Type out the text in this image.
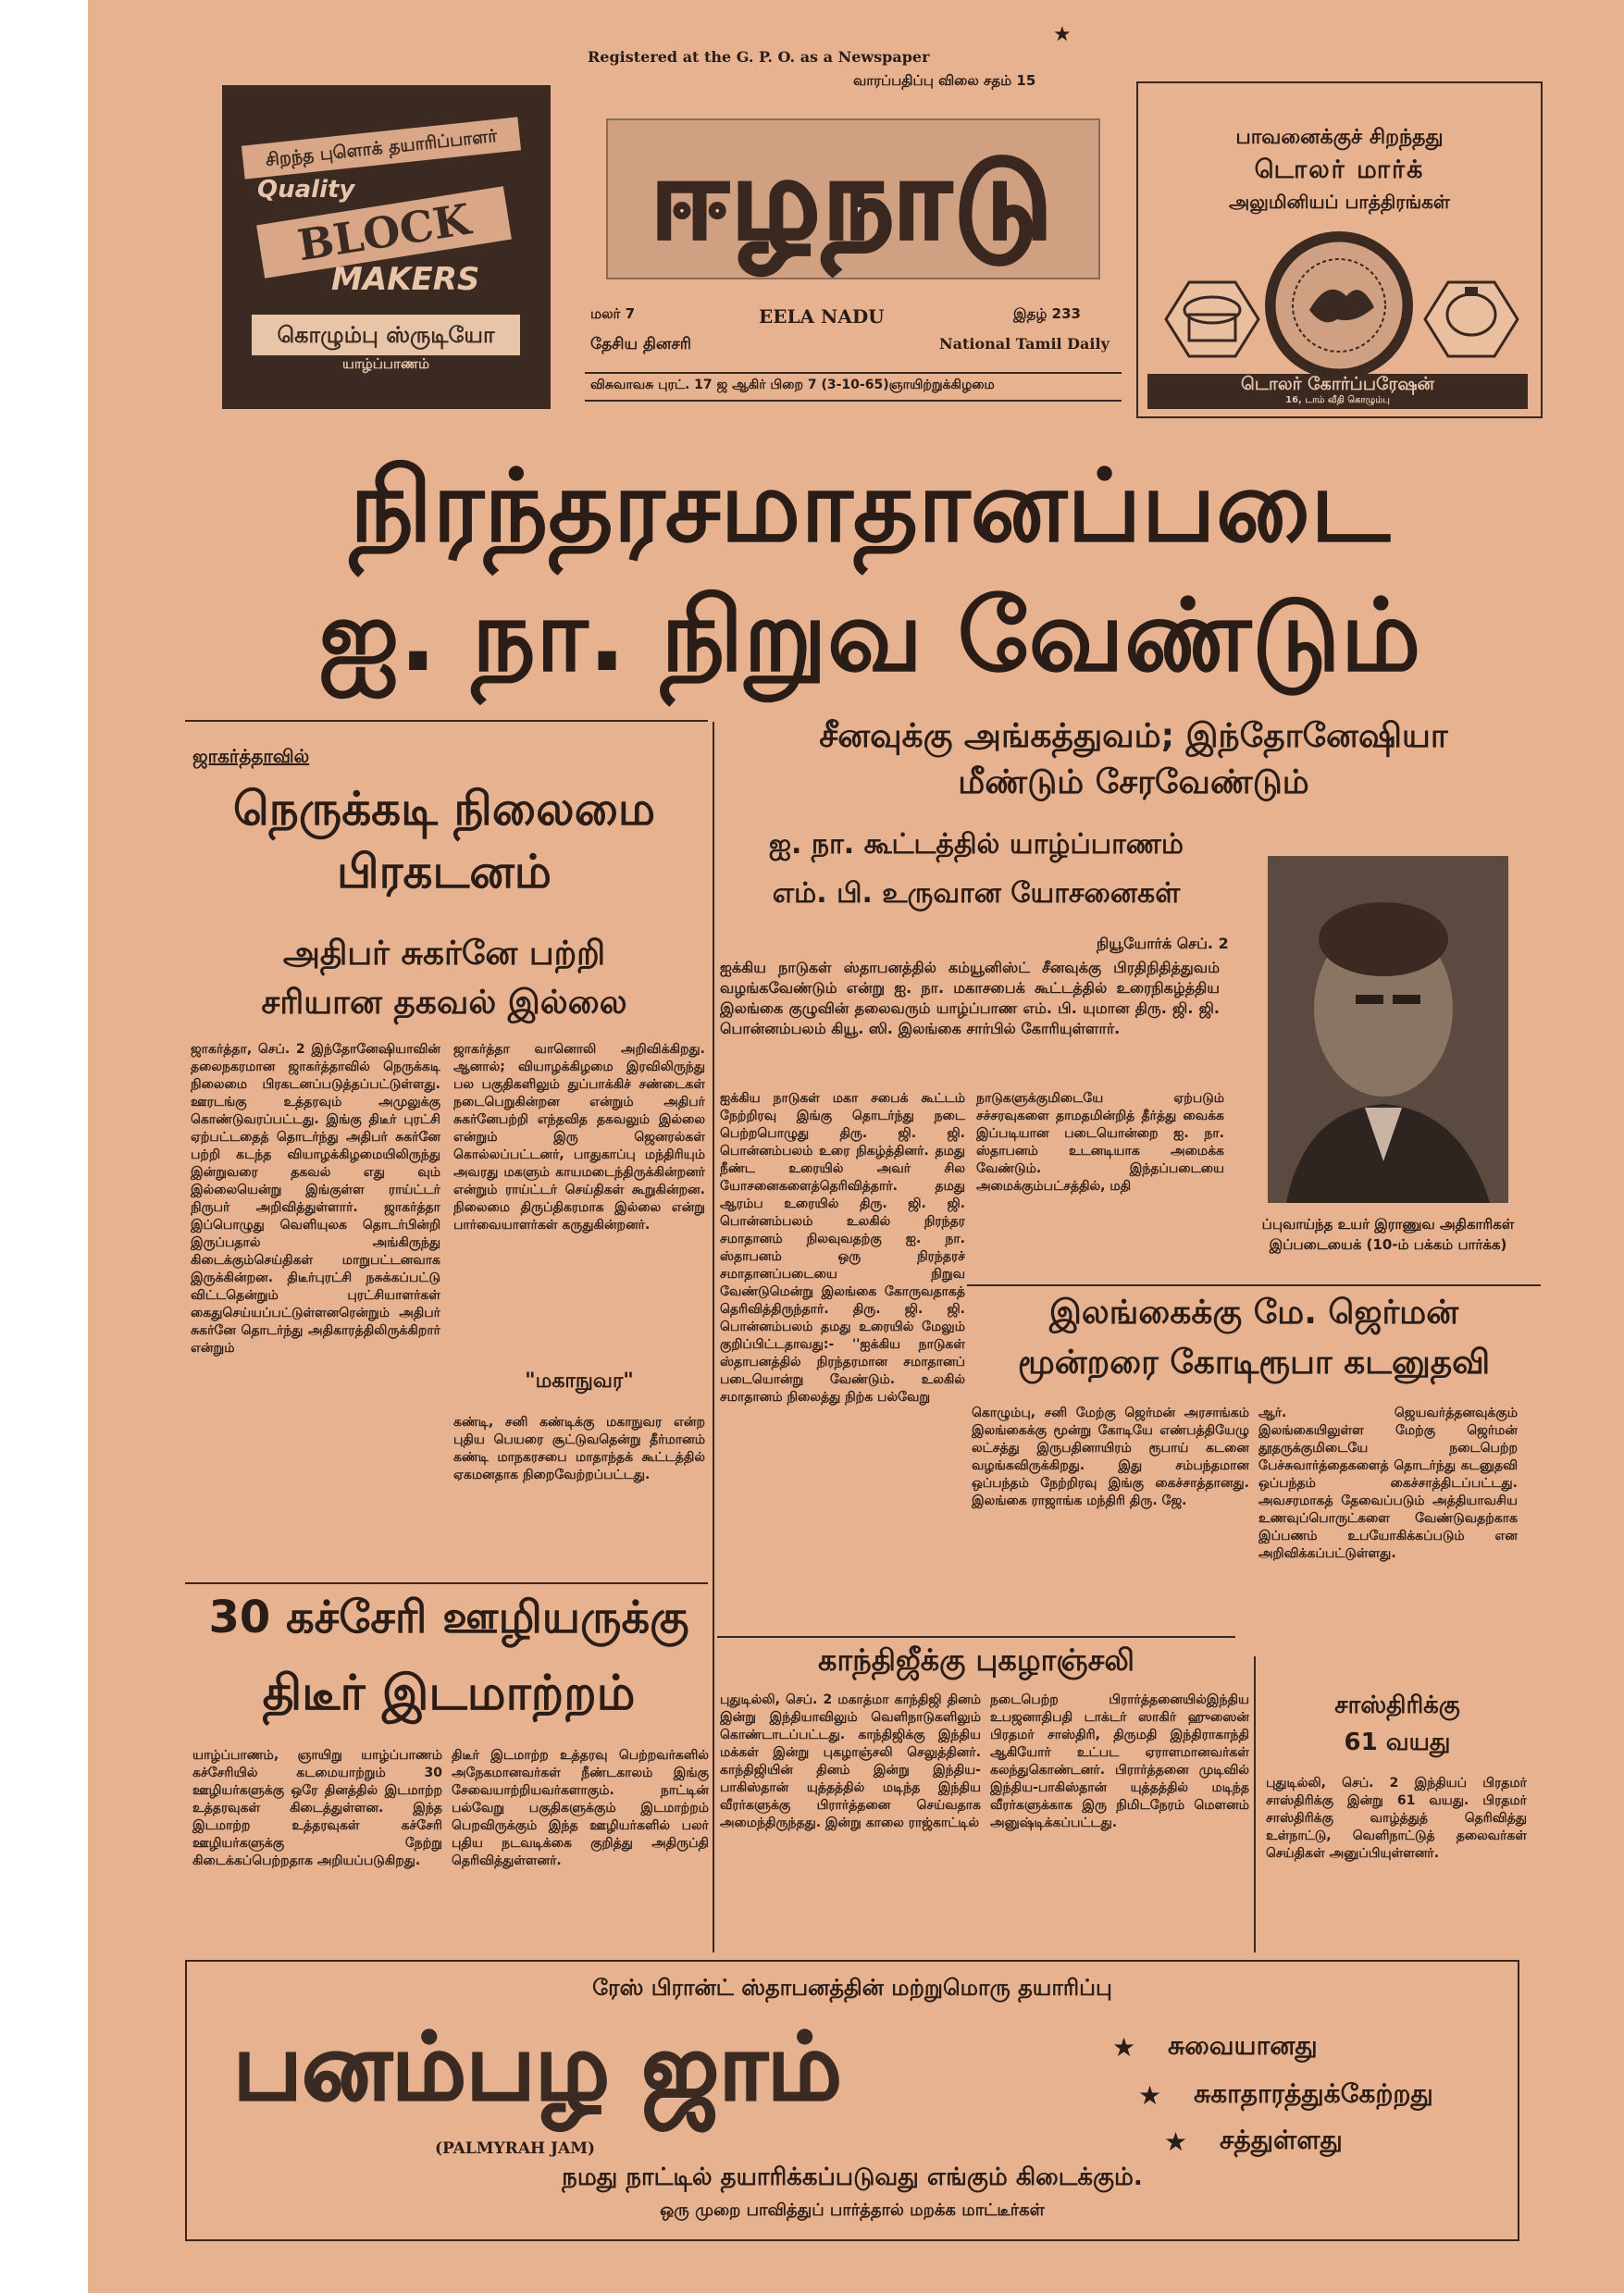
Registered at the G. P. O. as a Newspaper
★
வாரப்பதிப்பு விலை சதம் 15
சிறந்த புளொக் தயாரிப்பாளர்
Quality
BLOCK
MAKERS
கொழும்பு ஸ்ருடியோ
யாழ்ப்பாணம்
ஈழநாடு
மலர் 7	EELA NADU	இதழ் 233
தேசிய தினசரி	National Tamil Daily
விசுவாவசு புரட். 17 ஜ ஆகிர் பிறை 7 (3-10-65)ஞாயிற்றுக்கிழமை
பாவனைக்குச் சிறந்தது
டொலர் மார்க்
அலுமினியப் பாத்திரங்கள்
டொலர் கோர்ப்பரேஷன்
16, டாம் வீதி கொழும்பு
நிரந்தரசமாதானப்படை
ஐ. நா. நிறுவ வேண்டும்
சீனவுக்கு அங்கத்துவம்; இந்தோனேஷியா
மீண்டும் சேரவேண்டும்
ஜாகர்த்தாவில்
நெருக்கடி நிலைமை
பிரகடனம்
அதிபர் சுகர்னே பற்றி
சரியான தகவல் இல்லை
ஜாகர்த்தா, செப். 2 இந்தோனேஷியாவின் தலைநகரமான ஜாகர்த்தாவில் நெருக்கடி நிலைமை பிரகடனப்படுத்தப்பட்டுள்ளது. ஊரடங்கு உத்தரவும் அமுலுக்கு கொண்டுவரப்பட்டது. இங்கு திடீர் புரட்சி ஏற்பட்டதைத் தொடர்ந்து அதிபர் சுகர்னே பற்றி கடந்த வியாழக்கிழமையிலிருந்து இன்றுவரை தகவல் எது வும் இல்லையென்று இங்குள்ள ராய்ட்டர் நிருபர் அறிவித்துள்ளார். ஜாகர்த்தா இப்பொழுது வெளியுலக தொடர்பின்றி இருப்பதால் அங்கிருந்து கிடைக்கும்செய்திகள் மாறுபட்டனவாக இருக்கின்றன. திடீர்புரட்சி நசுக்கப்பட்டு விட்டதென்றும் புரட்சியாளர்கள் கைதுசெய்யப்பட்டுள்ளனரென்றும் அதிபர் சுகர்னே தொடர்ந்து அதிகாரத்திலிருக்கிறார் என்றும்
ஜாகர்த்தா வானொலி அறிவிக்கிறது. ஆனால்; வியாழக்கிழமை இரவிலிருந்து பல பகுதிகளிலும் துப்பாக்கிச் சண்டைகள் நடைபெறுகின்றன என்றும் அதிபர் சுகர்னேபற்றி எந்தவித தகவலும் இல்லை என்றும் இரு ஜெனரல்கள் கொல்லப்பட்டனர், பாதுகாப்பு மந்திரியும் அவரது மகளும் காயமடைந்திருக்கின்றனர் என்றும் ராய்ட்டர் செய்திகள் கூறுகின்றன. நிலைமை திருப்திகரமாக இல்லை என்று பார்வையாளர்கள் கருதுகின்றனர்.
"மகாநுவர"
கண்டி, சனி கண்டிக்கு மகாநுவர என்ற புதிய பெயரை சூட்டுவதென்று தீர்மானம் கண்டி மாநகரசபை மாதாந்தக் கூட்டத்தில் ஏகமனதாக நிறைவேற்றப்பட்டது.
ஐ. நா. கூட்டத்தில் யாழ்ப்பாணம்
எம். பி. உருவான யோசனைகள்
நியூயோர்க் செப். 2
ஐக்கிய நாடுகள் ஸ்தாபனத்தில் கம்யூனிஸ்ட் சீனவுக்கு பிரதிநிதித்துவம் வழங்கவேண்டும் என்று ஐ. நா. மகாசபைக் கூட்டத்தில் உரைநிகழ்த்திய இலங்கை குழுவின் தலைவரும் யாழ்ப்பாண எம். பி. யுமான திரு. ஜி. ஜி. பொன்னம்பலம் கியூ. ஸி. இலங்கை சார்பில் கோரியுள்ளார்.
ஐக்கிய நாடுகள் மகா சபைக் கூட்டம் நேற்றிரவு இங்கு தொடர்ந்து நடை பெற்றபொழுது திரு. ஜி. ஜி. பொன்னம்பலம் உரை நிகழ்த்தினர். தமது நீண்ட உரையில் அவர் சில யோசனைகளைத்தெரிவித்தார். தமது ஆரம்ப உரையில் திரு. ஜி. ஜி. பொன்னம்பலம் உலகில் நிரந்தர சமாதானம் நிலவுவதற்கு ஐ. நா. ஸ்தாபனம் ஒரு நிரந்தரச் சமாதானப்படையை நிறுவ வேண்டுமென்று இலங்கை கோருவதாகத் தெரிவித்திருந்தார். திரு. ஜி. ஜி. பொன்னம்பலம் தமது உரையில் மேலும் குறிப்பிட்டதாவது:- ''ஐக்கிய நாடுகள் ஸ்தாபனத்தில் நிரந்தரமான சமாதானப் படையொன்று வேண்டும். உலகில் சமாதானம் நிலைத்து நிற்க பல்வேறு
நாடுகளுக்குமிடையே ஏற்படும் சச்சரவுகளை தாமதமின்றித் தீர்த்து வைக்க இப்படியான படையொன்றை ஐ. நா. ஸ்தாபனம் உடனடியாக அமைக்க வேண்டும். இந்தப்படையை அமைக்கும்பட்சத்தில், மதி
ப்புவாய்ந்த உயர் இராணுவ அதிகாரிகள் இப்படையைக் (10-ம் பக்கம் பார்க்க)
இலங்கைக்கு மே. ஜெர்மன்
மூன்றரை கோடிரூபா கடனுதவி
கொழும்பு, சனி மேற்கு ஜெர்மன் அரசாங்கம் இலங்கைக்கு மூன்று கோடியே எண்பத்தியேழு லட்சத்து இருபதினாயிரம் ரூபாய் கடனை வழங்கவிருக்கிறது. இது சம்பந்தமான ஒப்பந்தம் நேற்றிரவு இங்கு கைச்சாத்தானது. இலங்கை ராஜாங்க மந்திரி திரு. ஜே.
ஆர். ஜெயவர்த்தனவுக்கும் இலங்கையிலுள்ள மேற்கு ஜெர்மன் தூதருக்குமிடையே நடைபெற்ற பேச்சுவார்த்தைகளைத் தொடர்ந்து கடனுதவி ஒப்பந்தம் கைச்சாத்திடப்பட்டது. அவசரமாகத் தேவைப்படும் அத்தியாவசிய உணவுப்பொருட்களை வேண்டுவதற்காக இப்பணம் உபயோகிக்கப்படும் என அறிவிக்கப்பட்டுள்ளது.
30 கச்சேரி ஊழியருக்கு
திடீர் இடமாற்றம்
யாழ்ப்பாணம், ஞாயிறு யாழ்ப்பாணம் கச்சேரியில் கடமையாற்றும் 30 ஊழியர்களுக்கு ஒரே தினத்தில் இடமாற்ற உத்தரவுகள் கிடைத்துள்ளன. இந்த இடமாற்ற உத்தரவுகள் கச்சேரி ஊழியர்களுக்கு நேற்று கிடைக்கப்பெற்றதாக அறியப்படுகிறது.
திடீர் இடமாற்ற உத்தரவு பெற்றவர்களில் அநேகமானவர்கள் நீண்டகாலம் இங்கு சேவையாற்றியவர்களாகும். நாட்டின் பல்வேறு பகுதிகளுக்கும் இடமாற்றம் பெறவிருக்கும் இந்த ஊழியர்களில் பலர் புதிய நடவடிக்கை குறித்து அதிருப்தி தெரிவித்துள்ளனர்.
காந்திஜீக்கு புகழாஞ்சலி
புதுடில்லி, செப். 2 மகாத்மா காந்திஜி தினம் இன்று இந்தியாவிலும் வெளிநாடுகளிலும் கொண்டாடப்பட்டது. காந்திஜிக்கு இந்திய மக்கள் இன்று புகழாஞ்சலி செலுத்தினர். காந்திஜியின் தினம் இன்று இந்திய-பாகிஸ்தான் யுத்தத்தில் மடிந்த இந்திய வீரர்களுக்கு பிரார்த்தனை செய்வதாக அமைந்திருந்தது. இன்று காலை ராஜ்காட்டில்
நடைபெற்ற பிரார்த்தனையில்இந்திய உபஜனாதிபதி டாக்டர் ஸாகிர் ஹுஸைன் பிரதமர் சாஸ்திரி, திருமதி இந்திராகாந்தி ஆகியோர் உட்பட ஏராளமானவர்கள் கலந்துகொண்டனர். பிரார்த்தனை முடிவில் இந்திய-பாகிஸ்தான் யுத்தத்தில் மடிந்த வீரர்களுக்காக இரு நிமிடநேரம் மௌனம் அனுஷ்டிக்கப்பட்டது.
சாஸ்திரிக்கு
61 வயது
புதுடில்லி, செப். 2 இந்தியப் பிரதமர் சாஸ்திரிக்கு இன்று 61 வயது. பிரதமர் சாஸ்திரிக்கு வாழ்த்துத் தெரிவித்து உள்நாட்டு, வெளிநாட்டுத் தலைவர்கள் செய்திகள் அனுப்பியுள்ளனர்.
ரேஸ் பிரான்ட் ஸ்தாபனத்தின் மற்றுமொரு தயாரிப்பு
பனம்பழ ஜாம்
(PALMYRAH JAM)
★ சுவையானது
★ சுகாதாரத்துக்கேற்றது
★ சத்துள்ளது
நமது நாட்டில் தயாரிக்கப்படுவது எங்கும் கிடைக்கும்.
ஒரு முறை பாவித்துப் பார்த்தால் மறக்க மாட்டீர்கள்
